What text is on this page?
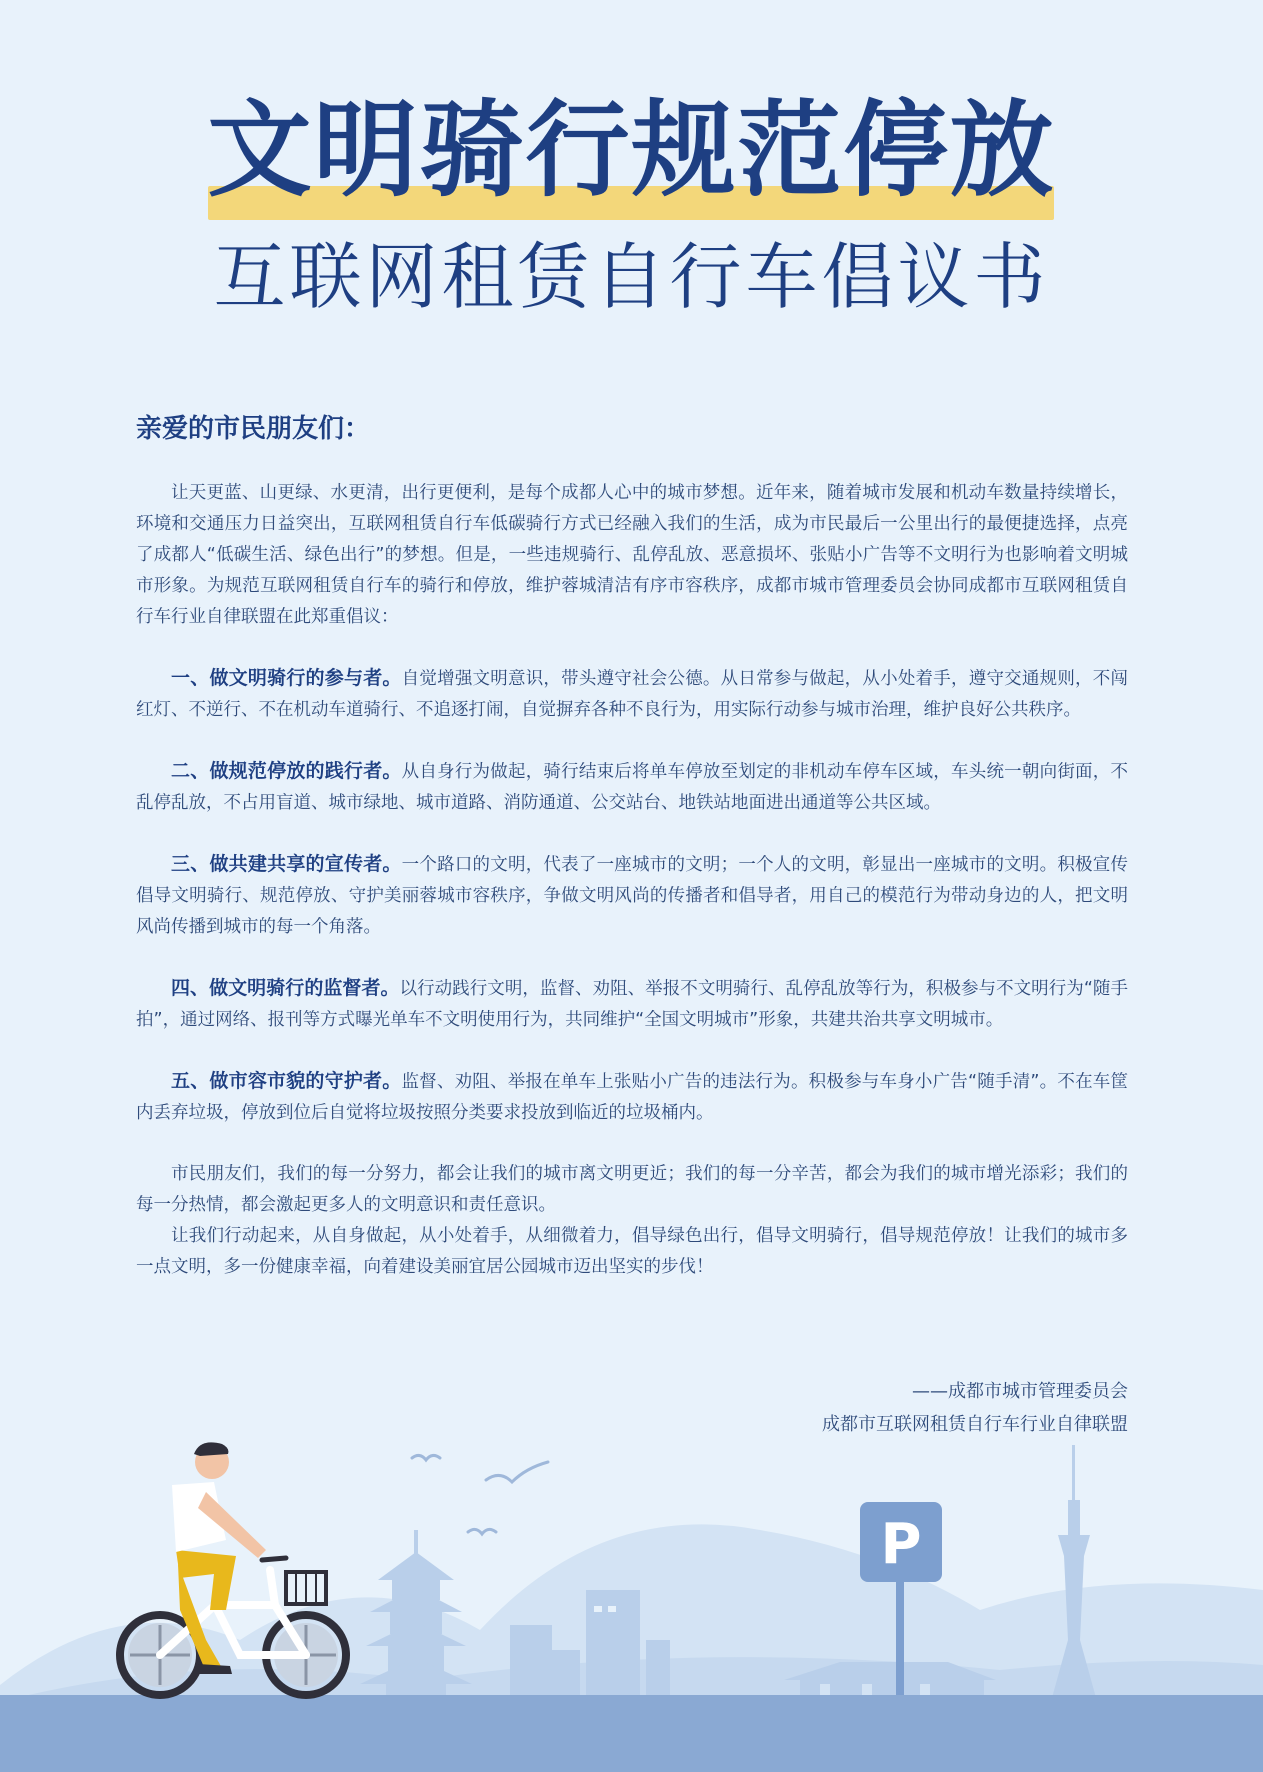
文明骑行规范停放
互联网租赁自行车倡议书
亲爱的市民朋友们：

让天更蓝、山更绿、水更清，出行更便利，是每个成都人心中的城市梦想。近年来，随着城市发展和机动车数量持续增长，环境和交通压力日益突出，互联网租赁自行车低碳骑行方式已经融入我们的生活，成为市民最后一公里出行的最便捷选择，点亮了成都人“低碳生活、绿色出行”的梦想。但是，一些违规骑行、乱停乱放、恶意损坏、张贴小广告等不文明行为也影响着文明城市形象。为规范互联网租赁自行车的骑行和停放，维护蓉城清洁有序市容秩序，成都市城市管理委员会协同成都市互联网租赁自行车行业自律联盟在此郑重倡议：

一、做文明骑行的参与者。自觉增强文明意识，带头遵守社会公德。从日常参与做起，从小处着手，遵守交通规则，不闯红灯、不逆行、不在机动车道骑行、不追逐打闹，自觉摒弃各种不良行为，用实际行动参与城市治理，维护良好公共秩序。

二、做规范停放的践行者。从自身行为做起，骑行结束后将单车停放至划定的非机动车停车区域，车头统一朝向街面，不乱停乱放，不占用盲道、城市绿地、城市道路、消防通道、公交站台、地铁站地面进出通道等公共区域。

三、做共建共享的宣传者。一个路口的文明，代表了一座城市的文明；一个人的文明，彰显出一座城市的文明。积极宣传倡导文明骑行、规范停放、守护美丽蓉城市容秩序，争做文明风尚的传播者和倡导者，用自己的模范行为带动身边的人，把文明风尚传播到城市的每一个角落。

四、做文明骑行的监督者。以行动践行文明，监督、劝阻、举报不文明骑行、乱停乱放等行为，积极参与不文明行为“随手拍”，通过网络、报刊等方式曝光单车不文明使用行为，共同维护“全国文明城市”形象，共建共治共享文明城市。

五、做市容市貌的守护者。监督、劝阻、举报在单车上张贴小广告的违法行为。积极参与车身小广告“随手清”。不在车筐内丢弃垃圾，停放到位后自觉将垃圾按照分类要求投放到临近的垃圾桶内。

市民朋友们，我们的每一分努力，都会让我们的城市离文明更近；我们的每一分辛苦，都会为我们的城市增光添彩；我们的每一分热情，都会激起更多人的文明意识和责任意识。

让我们行动起来，从自身做起，从小处着手，从细微着力，倡导绿色出行，倡导文明骑行，倡导规范停放！让我们的城市多一点文明，多一份健康幸福，向着建设美丽宜居公园城市迈出坚实的步伐！

——成都市城市管理委员会
成都市互联网租赁自行车行业自律联盟
P
